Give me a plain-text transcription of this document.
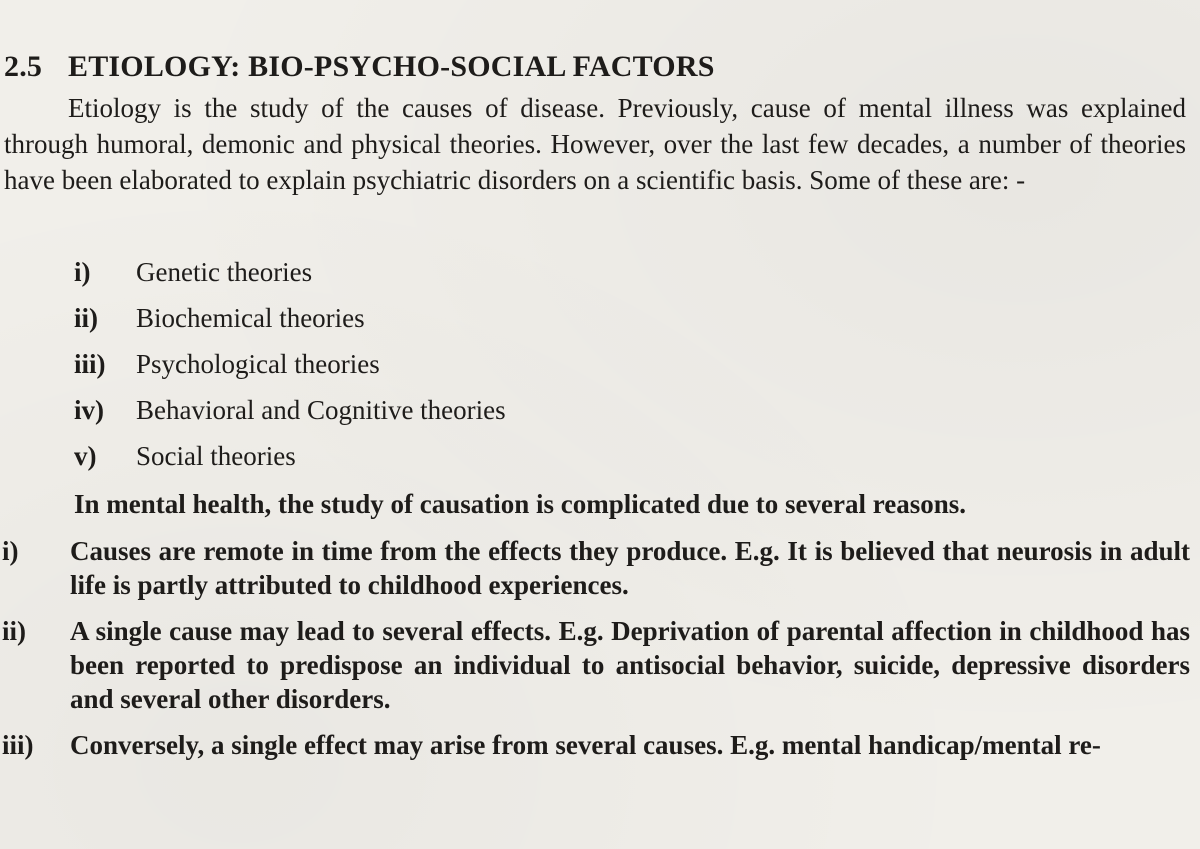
2.5 ETIOLOGY: BIO-PSYCHO-SOCIAL FACTORS

Etiology is the study of the causes of disease. Previously, cause of mental illness was explained through humoral, demonic and physical theories. However, over the last few decades, a number of theories have been elaborated to explain psychiatric disorders on a scientific basis. Some of these are: -

i)	Genetic theories
ii)	Biochemical theories
iii)	Psychological theories
iv)	Behavioral and Cognitive theories
v)	Social theories

In mental health, the study of causation is complicated due to several reasons.

i)	Causes are remote in time from the effects they produce. E.g. It is believed that neurosis in adult life is partly attributed to childhood experiences.
ii)	A single cause may lead to several effects. E.g. Deprivation of parental affection in childhood has been reported to predispose an individual to antisocial behavior, suicide, depressive disorders and several other disorders.
iii)	Conversely, a single effect may arise from several causes. E.g. mental handicap/mental re-
